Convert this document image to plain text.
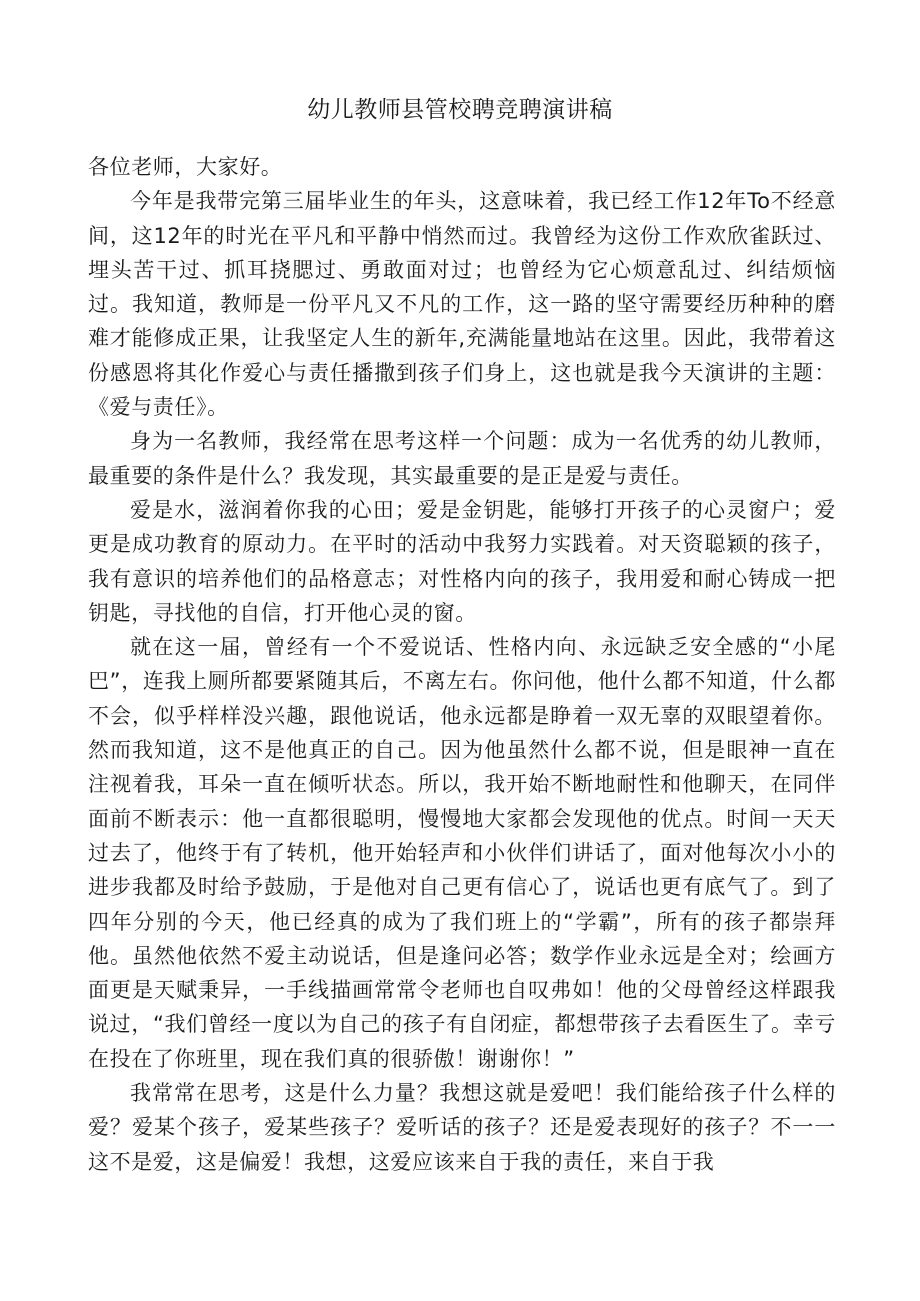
幼儿教师县管校聘竞聘演讲稿

各位老师，大家好。

今年是我带完第三届毕业生的年头，这意味着，我已经工作12年To不经意间，这12年的时光在平凡和平静中悄然而过。我曾经为这份工作欢欣雀跃过、埋头苦干过、抓耳挠腮过、勇敢面对过；也曾经为它心烦意乱过、纠结烦恼过。我知道，教师是一份平凡又不凡的工作，这一路的坚守需要经历种种的磨难才能修成正果，让我坚定人生的新年,充满能量地站在这里。因此，我带着这份感恩将其化作爱心与责任播撒到孩子们身上，这也就是我今天演讲的主题：《爱与责任》。

身为一名教师，我经常在思考这样一个问题：成为一名优秀的幼儿教师，最重要的条件是什么？我发现，其实最重要的是正是爱与责任。

爱是水，滋润着你我的心田；爱是金钥匙，能够打开孩子的心灵窗户；爱更是成功教育的原动力。在平时的活动中我努力实践着。对天资聪颖的孩子，我有意识的培养他们的品格意志；对性格内向的孩子，我用爱和耐心铸成一把钥匙，寻找他的自信，打开他心灵的窗。

就在这一届，曾经有一个不爱说话、性格内向、永远缺乏安全感的“小尾巴”，连我上厕所都要紧随其后，不离左右。你问他，他什么都不知道，什么都不会，似乎样样没兴趣，跟他说话，他永远都是睁着一双无辜的双眼望着你。然而我知道，这不是他真正的自己。因为他虽然什么都不说，但是眼神一直在注视着我，耳朵一直在倾听状态。所以，我开始不断地耐性和他聊天，在同伴面前不断表示：他一直都很聪明，慢慢地大家都会发现他的优点。时间一天天过去了，他终于有了转机，他开始轻声和小伙伴们讲话了，面对他每次小小的进步我都及时给予鼓励，于是他对自己更有信心了，说话也更有底气了。到了四年分别的今天，他已经真的成为了我们班上的“学霸”，所有的孩子都崇拜他。虽然他依然不爱主动说话，但是逢问必答；数学作业永远是全对；绘画方面更是天赋秉异，一手线描画常常令老师也自叹弗如！他的父母曾经这样跟我说过，“我们曾经一度以为自己的孩子有自闭症，都想带孩子去看医生了。幸亏在投在了你班里，现在我们真的很骄傲！谢谢你！”

我常常在思考，这是什么力量？我想这就是爱吧！我们能给孩子什么样的爱？爱某个孩子，爱某些孩子？爱听话的孩子？还是爱表现好的孩子？不一一这不是爱，这是偏爱！我想，这爱应该来自于我的责任，来自于我
